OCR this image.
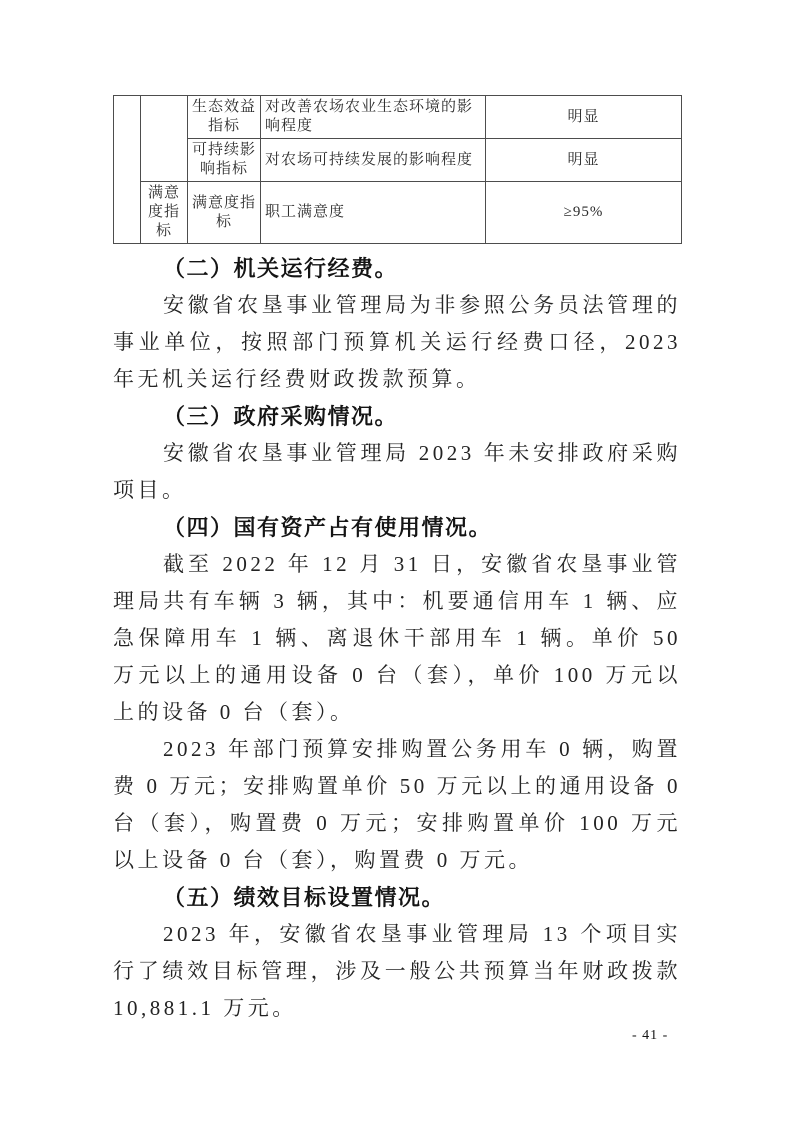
		生态效益指标	对改善农场农业生态环境的影响程度	明显
		可持续影响指标	对农场可持续发展的影响程度	明显
	满意度指标	满意度指标	职工满意度	≥95%
（二）机关运行经费。
安徽省农垦事业管理局为非参照公务员法管理的事业单位，按照部门预算机关运行经费口径，2023 年无机关运行经费财政拨款预算。
（三）政府采购情况。
安徽省农垦事业管理局 2023 年未安排政府采购项目。
（四）国有资产占有使用情况。
截至 2022 年 12 月 31 日，安徽省农垦事业管理局共有车辆 3 辆，其中：机要通信用车 1 辆、应急保障用车 1 辆、离退休干部用车 1 辆。单价 50 万元以上的通用设备 0 台（套），单价 100 万元以上的设备 0 台（套）。
2023 年部门预算安排购置公务用车 0 辆，购置费 0 万元；安排购置单价 50 万元以上的通用设备 0 台（套），购置费 0 万元；安排购置单价 100 万元以上设备 0 台（套），购置费 0 万元。
（五）绩效目标设置情况。
2023 年，安徽省农垦事业管理局 13 个项目实行了绩效目标管理，涉及一般公共预算当年财政拨款 10,881.1 万元。
- 41 -
